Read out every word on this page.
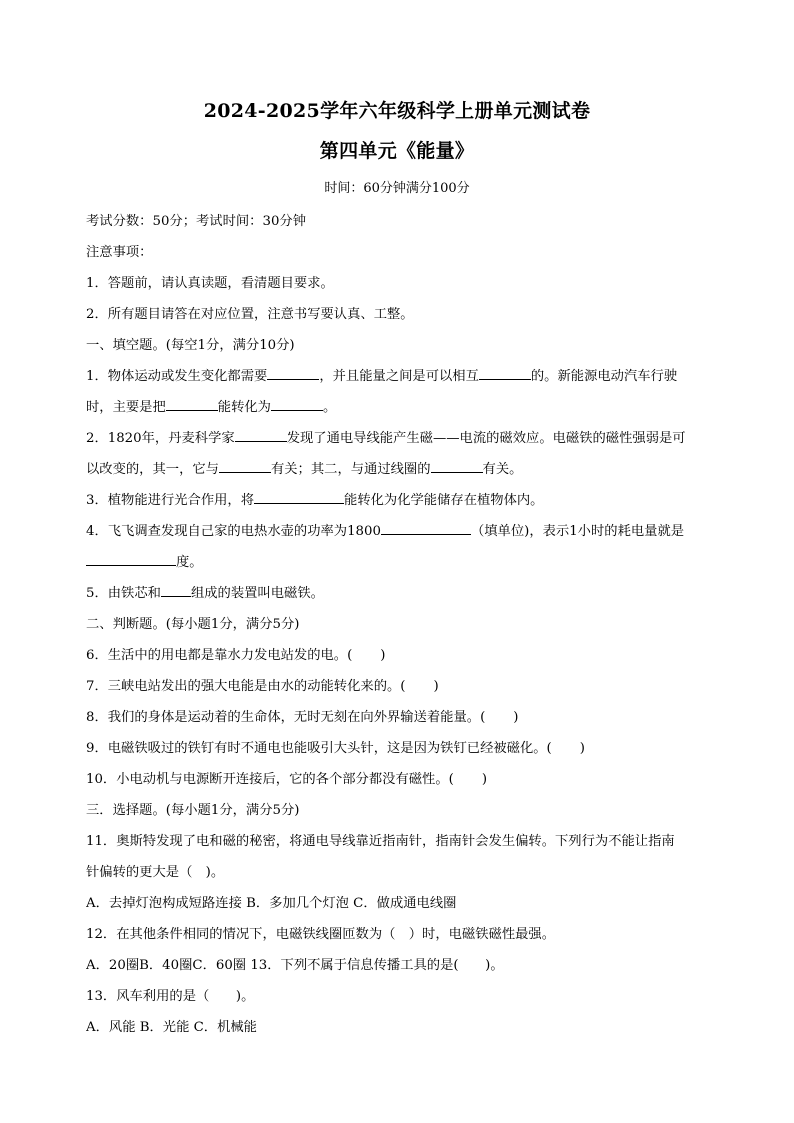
2024-2025学年六年级科学上册单元测试卷
第四单元《能量》
时间：60分钟满分100分
考试分数：50分；考试时间：30分钟
注意事项：
1．答题前，请认真读题，看清题目要求。
2．所有题目请答在对应位置，注意书写要认真、工整。
一、填空题。(每空1分，满分10分)
1．物体运动或发生变化都需要	，并且能量之间是可以相互	的。新能源电动汽车行驶
时，主要是把	能转化为	。
2．1820年，丹麦科学家	发现了通电导线能产生磁——电流的磁效应。电磁铁的磁性强弱是可
以改变的，其一，它与	有关；其二，与通过线圈的	有关。
3．植物能进行光合作用，将	能转化为化学能储存在植物体内。
4．飞飞调查发现自己家的电热水壶的功率为1800	（填单位)，表示1小时的耗电量就是
度。
5．由铁芯和 组成的装置叫电磁铁。
二、判断题。(每小题1分，满分5分)
6．生活中的用电都是靠水力发电站发的电。( )
7．三峡电站发出的强大电能是由水的动能转化来的。( )
8．我们的身体是运动着的生命体，无时无刻在向外界输送着能量。( )
9．电磁铁吸过的铁钉有时不通电也能吸引大头针，这是因为铁钉已经被磁化。( )
10．小电动机与电源断开连接后，它的各个部分都没有磁性。( )
三．选择题。(每小题1分，满分5分)
11．奥斯特发现了电和磁的秘密，将通电导线靠近指南针，指南针会发生偏转。下列行为不能让指南
针偏转的更大是（　)。
A．去掉灯泡构成短路连接 B．多加几个灯泡 C．做成通电线圈
12．在其他条件相同的情况下，电磁铁线圈匝数为（　）时，电磁铁磁性最强。
A．20圈B．40圈C．60圈 13．下列不属于信息传播工具的是(　　)。
13．风车利用的是（　　)。
A．风能 B．光能 C．机械能
